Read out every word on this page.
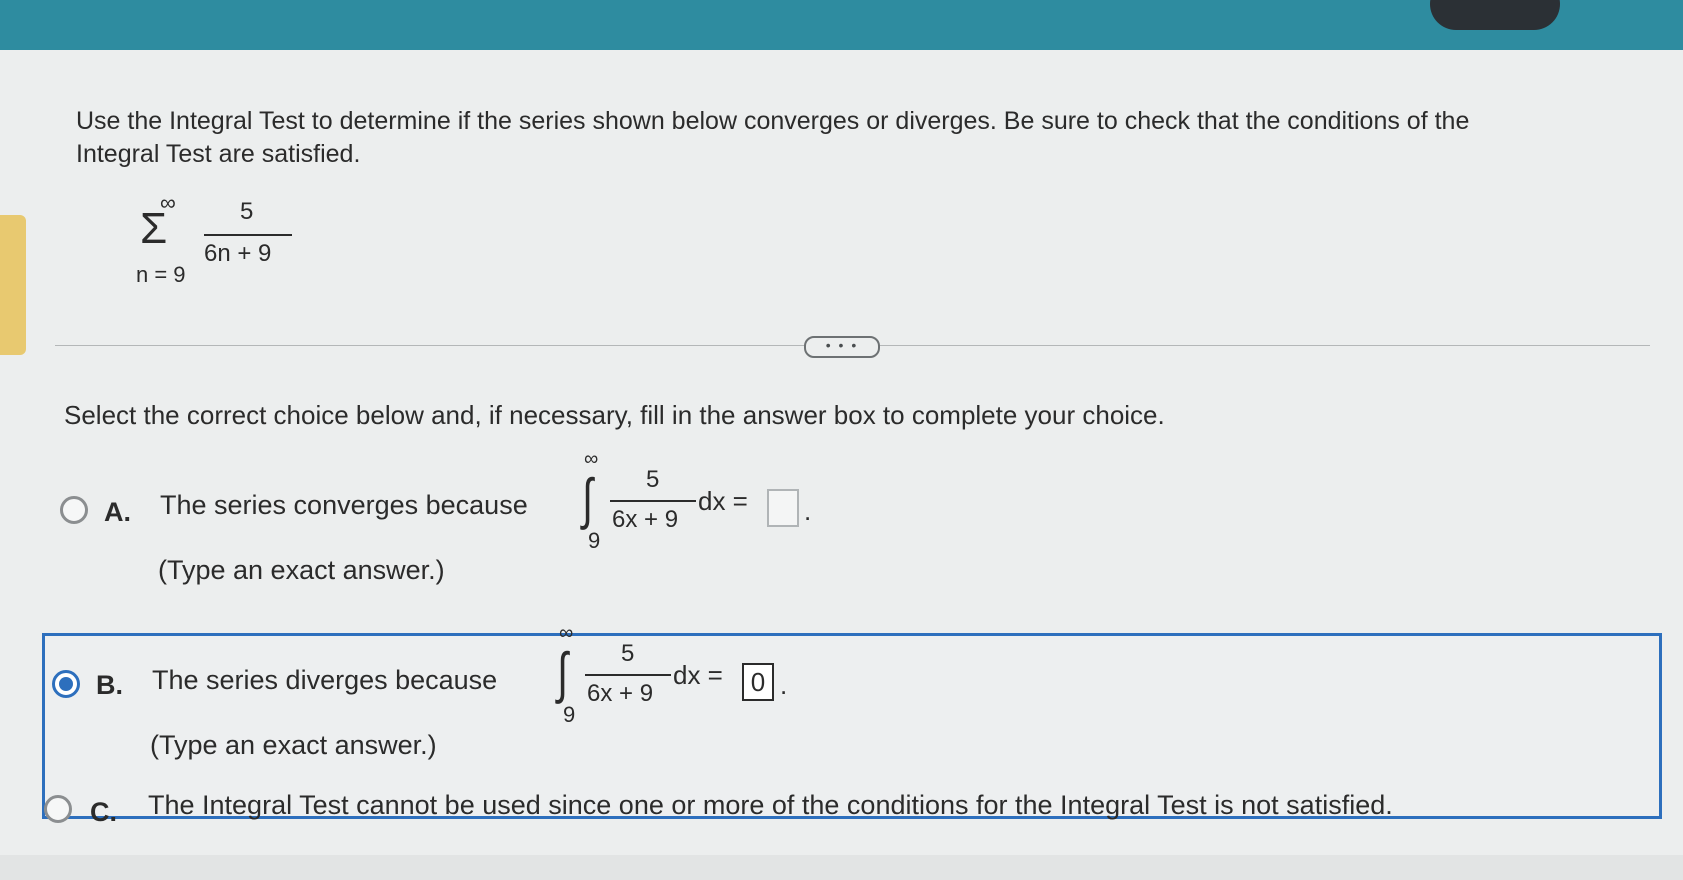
Use the Integral Test to determine if the series shown below converges or diverges. Be sure to check that the conditions of the Integral Test are satisfied.
∞
Σ
n = 9
5
6n + 9
• • •
Select the correct choice below and, if necessary, fill in the answer box to complete your choice.
A. The series converges because
∞
∫
9
5
6x + 9
dx = .
(Type an exact answer.)
B. The series diverges because
∞
∫
9
5
6x + 9
dx =	0 .
(Type an exact answer.)
C. The Integral Test cannot be used since one or more of the conditions for the Integral Test is not satisfied.
